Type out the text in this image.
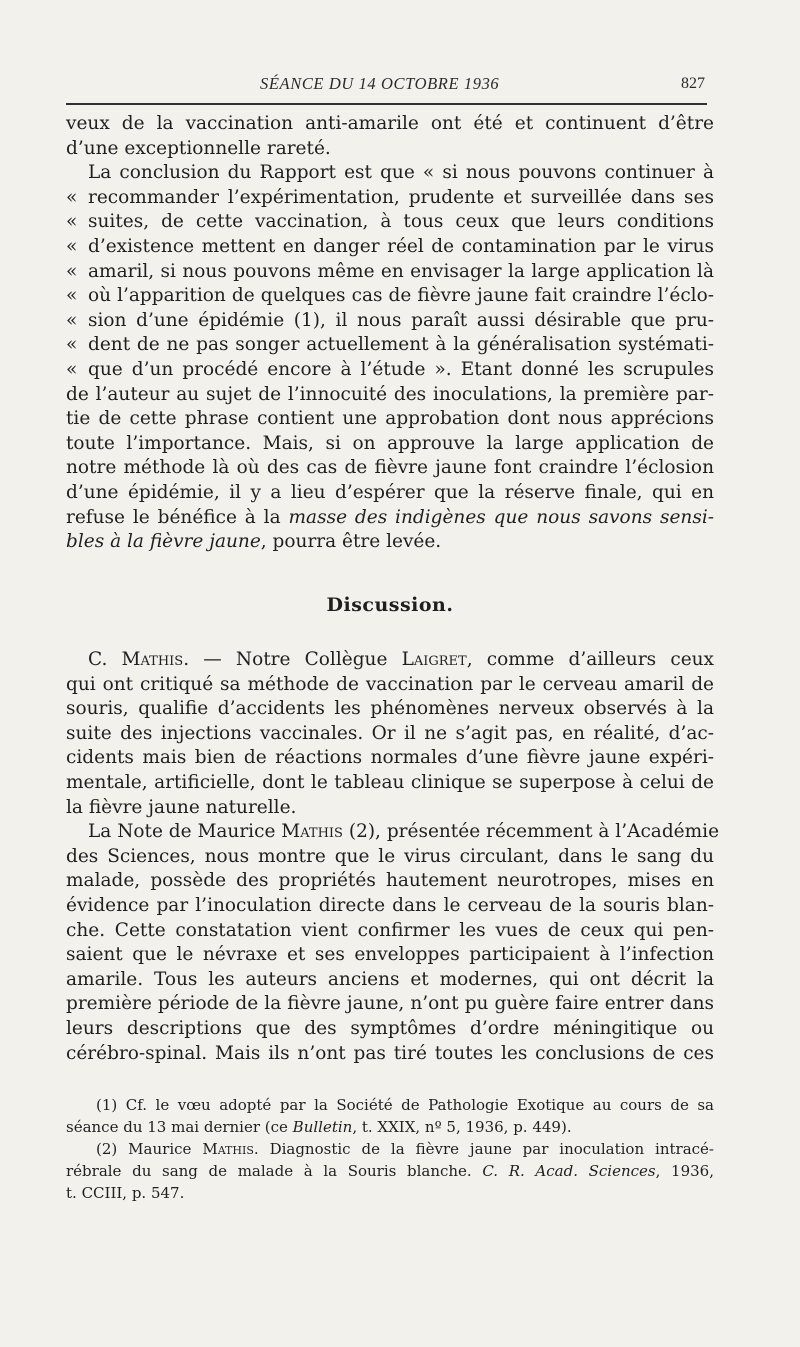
SÉANCE DU 14 OCTOBRE 1936	827
veux de la vaccination anti-amarile ont été et continuent d’être
d’une exceptionnelle rareté.
La conclusion du Rapport est que « si nous pouvons continuer à
« recommander l’expérimentation, prudente et surveillée dans ses
« suites, de cette vaccination, à tous ceux que leurs conditions
« d’existence mettent en danger réel de contamination par le virus
« amaril, si nous pouvons même en envisager la large application là
« où l’apparition de quelques cas de fièvre jaune fait craindre l’éclo-
« sion d’une épidémie (1), il nous paraît aussi désirable que pru-
« dent de ne pas songer actuellement à la généralisation systémati-
« que d’un procédé encore à l’étude ». Etant donné les scrupules
de l’auteur au sujet de l’innocuité des inoculations, la première par-
tie de cette phrase contient une approbation dont nous apprécions
toute l’importance. Mais, si on approuve la large application de
notre méthode là où des cas de fièvre jaune font craindre l’éclosion
d’une épidémie, il y a lieu d’espérer que la réserve finale, qui en
refuse le bénéfice à la masse des indigènes que nous savons sensi-
bles à la fièvre jaune, pourra être levée.
Discussion.
C. Mathis. — Notre Collègue Laigret, comme d’ailleurs ceux
qui ont critiqué sa méthode de vaccination par le cerveau amaril de
souris, qualifie d’accidents les phénomènes nerveux observés à la
suite des injections vaccinales. Or il ne s’agit pas, en réalité, d’ac-
cidents mais bien de réactions normales d’une fièvre jaune expéri-
mentale, artificielle, dont le tableau clinique se superpose à celui de
la fièvre jaune naturelle.
La Note de Maurice Mathis (2), présentée récemment à l’Académie
des Sciences, nous montre que le virus circulant, dans le sang du
malade, possède des propriétés hautement neurotropes, mises en
évidence par l’inoculation directe dans le cerveau de la souris blan-
che. Cette constatation vient confirmer les vues de ceux qui pen-
saient que le névraxe et ses enveloppes participaient à l’infection
amarile. Tous les auteurs anciens et modernes, qui ont décrit la
première période de la fièvre jaune, n’ont pu guère faire entrer dans
leurs descriptions que des symptômes d’ordre méningitique ou
cérébro-spinal. Mais ils n’ont pas tiré toutes les conclusions de ces
(1) Cf. le vœu adopté par la Société de Pathologie Exotique au cours de sa
séance du 13 mai dernier (ce Bulletin, t. XXIX, nº 5, 1936, p. 449).
(2) Maurice Mathis. Diagnostic de la fièvre jaune par inoculation intracé-
rébrale du sang de malade à la Souris blanche. C. R. Acad. Sciences, 1936,
t. CCIII, p. 547.
